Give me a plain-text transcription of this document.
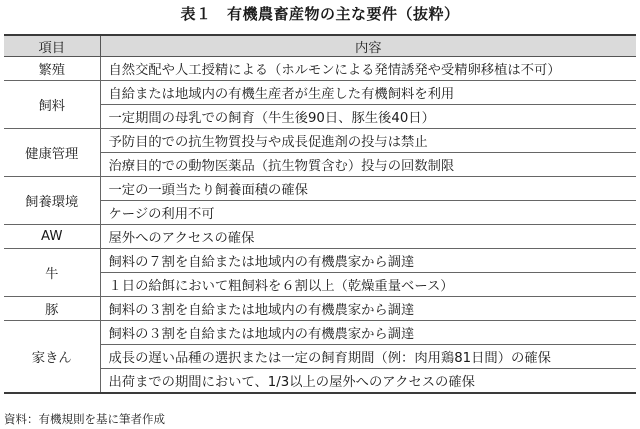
表１　有機農畜産物の主な要件（抜粋）
項目	内容
繁殖	自然交配や人工授精による（ホルモンによる発情誘発や受精卵移植は不可）
飼料	自給または地域内の有機生産者が生産した有機飼料を利用
	一定期間の母乳での飼育（牛生後90日、豚生後40日）
健康管理	予防目的での抗生物質投与や成長促進剤の投与は禁止
	治療目的での動物医薬品（抗生物質含む）投与の回数制限
飼養環境	一定の一頭当たり飼養面積の確保
	ケージの利用不可
AW	屋外へのアクセスの確保
牛	飼料の７割を自給または地域内の有機農家から調達
	１日の給餌において粗飼料を６割以上（乾燥重量ベース）
豚	飼料の３割を自給または地域内の有機農家から調達
家きん	飼料の３割を自給または地域内の有機農家から調達
	成長の遅い品種の選択または一定の飼育期間（例：肉用鶏81日間）の確保
	出荷までの期間において、1/3以上の屋外へのアクセスの確保
資料：有機規則を基に筆者作成
